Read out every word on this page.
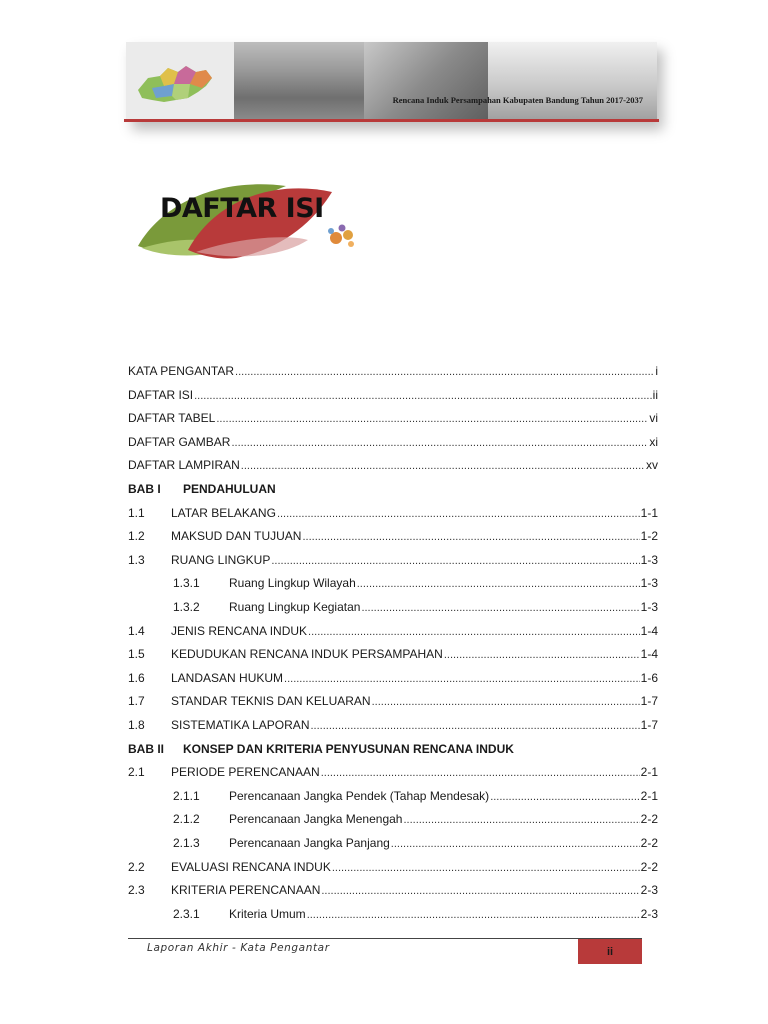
Rencana Induk Persampahan Kabupaten Bandung Tahun 2017-2037
DAFTAR ISI
KATA PENGANTAR .....	i
DAFTAR ISI .....	ii
DAFTAR TABEL .....	vi
DAFTAR GAMBAR .....	xi
DAFTAR LAMPIRAN .....	xv
BAB I	PENDAHULUAN
1.1	LATAR BELAKANG .....	1-1
1.2	MAKSUD DAN TUJUAN .....	1-2
1.3	RUANG LINGKUP .....	1-3
1.3.1	Ruang Lingkup Wilayah .....	1-3
1.3.2	Ruang Lingkup Kegiatan .....	1-3
1.4	JENIS RENCANA INDUK .....	1-4
1.5	KEDUDUKAN RENCANA INDUK PERSAMPAHAN .....	1-4
1.6	LANDASAN HUKUM .....	1-6
1.7	STANDAR TEKNIS DAN KELUARAN .....	1-7
1.8	SISTEMATIKA LAPORAN .....	1-7
BAB II	KONSEP DAN KRITERIA PENYUSUNAN RENCANA INDUK
2.1	PERIODE PERENCANAAN .....	2-1
2.1.1	Perencanaan Jangka Pendek (Tahap Mendesak) .....	2-1
2.1.2	Perencanaan Jangka Menengah .....	2-2
2.1.3	Perencanaan Jangka Panjang .....	2-2
2.2	EVALUASI RENCANA INDUK .....	2-2
2.3	KRITERIA PERENCANAAN .....	2-3
2.3.1	Kriteria Umum .....	2-3
Laporan Akhir - Kata Pengantar	ii
